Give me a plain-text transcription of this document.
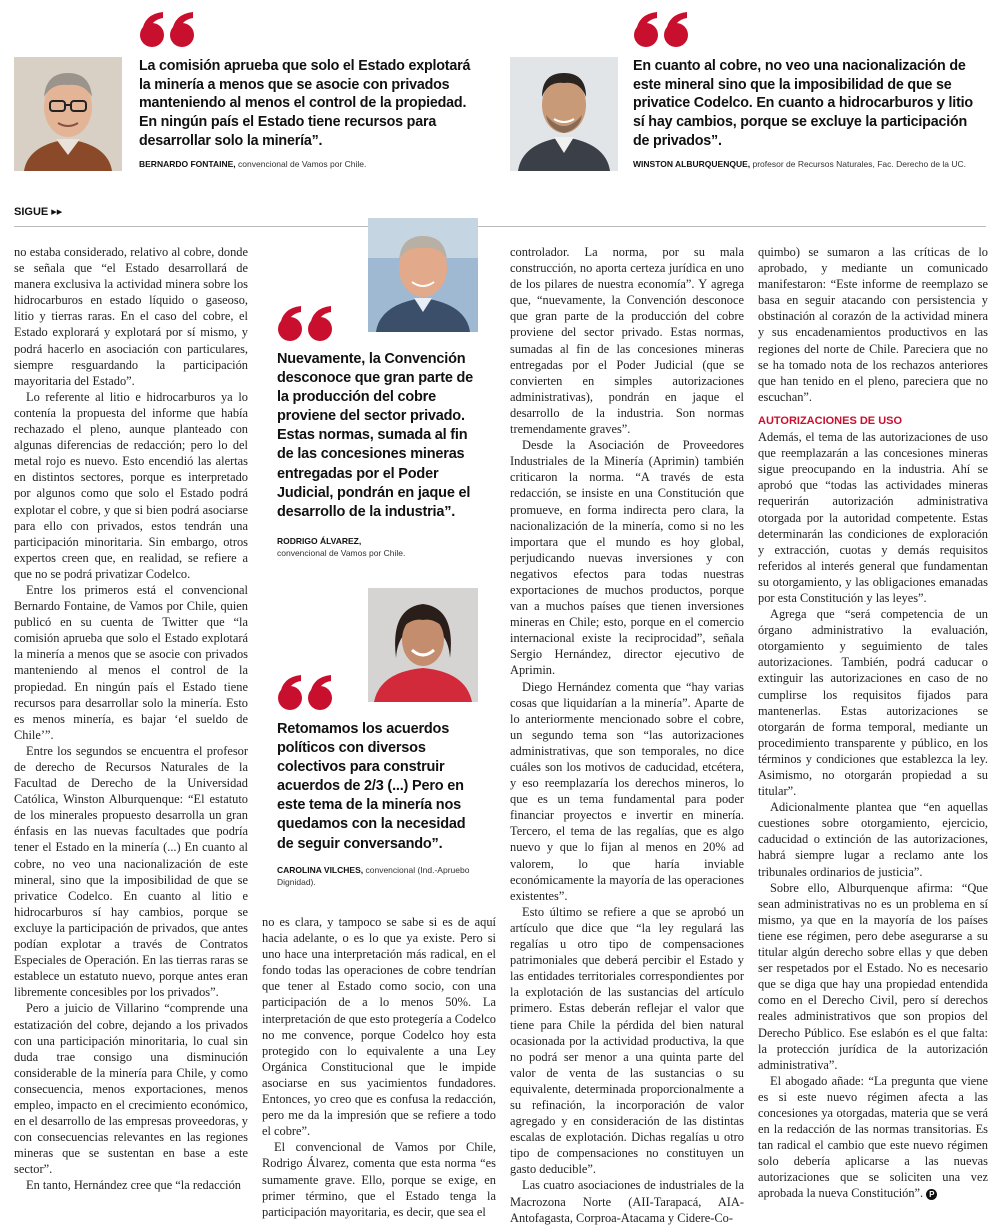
La comisión aprueba que solo el Estado explotará la minería a menos que se asocie con privados manteniendo al menos el control de la propiedad. En ningún país el Estado tiene recursos para desarrollar solo la minería”.
BERNARDO FONTAINE, convencional de Vamos por Chile.
En cuanto al cobre, no veo una nacionalización de este mineral sino que la imposibilidad de que se privatice Codelco. En cuanto a hidrocarburos y litio sí hay cambios, porque se excluye la participación de privados”.
WINSTON ALBURQUENQUE, profesor de Recursos Naturales, Fac. Derecho de la UC.
SIGUE ▸▸

no estaba considerado, relativo al cobre, donde se señala que “el Estado desarrollará de manera exclusiva la actividad minera sobre los hidrocarburos en estado líquido o gaseoso, litio y tierras raras. En el caso del cobre, el Estado explorará y explotará por sí mismo, y podrá hacerlo en asociación con particulares, siempre resguardando la participación mayoritaria del Estado”.

Lo referente al litio e hidrocarburos ya lo contenía la propuesta del informe que había rechazado el pleno, aunque planteado con algunas diferencias de redacción; pero lo del metal rojo es nuevo. Esto encendió las alertas en distintos sectores, porque es interpretado por algunos como que solo el Estado podrá explotar el cobre, y que si bien podrá asociarse para ello con privados, estos tendrán una participación minoritaria. Sin embargo, otros expertos creen que, en realidad, se refiere a que no se podrá privatizar Codelco.

Entre los primeros está el convencional Bernardo Fontaine, de Vamos por Chile, quien publicó en su cuenta de Twitter que “la comisión aprueba que solo el Estado explotará la minería a menos que se asocie con privados manteniendo al menos el control de la propiedad. En ningún país el Estado tiene recursos para desarrollar solo la minería. Esto es menos minería, es bajar ‘el sueldo de Chile’”.

Entre los segundos se encuentra el profesor de derecho de Recursos Naturales de la Facultad de Derecho de la Universidad Católica, Winston Alburquenque: “El estatuto de los minerales propuesto desarrolla un gran énfasis en las nuevas facultades que podría tener el Estado en la minería (...) En cuanto al cobre, no veo una nacionalización de este mineral, sino que la imposibilidad de que se privatice Codelco. En cuanto al litio e hidrocarburos sí hay cambios, porque se excluye la participación de privados, que antes podían explotar a través de Contratos Especiales de Operación. En las tierras raras se establece un estatuto nuevo, porque antes eran libremente concesibles por los privados”.

Pero a juicio de Villarino “comprende una estatización del cobre, dejando a los privados con una participación minoritaria, lo cual sin duda trae consigo una disminución considerable de la minería para Chile, y como consecuencia, menos exportaciones, menos empleo, impacto en el crecimiento económico, en el desarrollo de las empresas proveedoras, y con consecuencias relevantes en las regiones mineras que se sustentan en base a este sector”.

En tanto, Hernández cree que “la redacción

Nuevamente, la Convención desconoce que gran parte de la producción del cobre proviene del sector privado. Estas normas, sumada al fin de las concesiones mineras entregadas por el Poder Judicial, pondrán en jaque el desarrollo de la industria”.
RODRIGO ÁLVAREZ,
convencional de Vamos por Chile.
Retomamos los acuerdos políticos con diversos colectivos para construir acuerdos de 2/3 (...) Pero en este tema de la minería nos quedamos con la necesidad de seguir conversando”.
CAROLINA VILCHES, convencional (Ind.-Apruebo Dignidad).

no es clara, y tampoco se sabe si es de aquí hacia adelante, o es lo que ya existe. Pero si uno hace una interpretación más radical, en el fondo todas las operaciones de cobre tendrían que tener al Estado como socio, con una participación de a lo menos 50%. La interpretación de que esto protegería a Codelco no me convence, porque Codelco hoy esta protegido con lo equivalente a una Ley Orgánica Constitucional que le impide asociarse en sus yacimientos fundadores. Entonces, yo creo que es confusa la redacción, pero me da la impresión que se refiere a todo el cobre”.

El convencional de Vamos por Chile, Rodrigo Álvarez, comenta que esta norma “es sumamente grave. Ello, porque se exige, en primer término, que el Estado tenga la participación mayoritaria, es decir, que sea el

controlador. La norma, por su mala construcción, no aporta certeza jurídica en uno de los pilares de nuestra economía”. Y agrega que, “nuevamente, la Convención desconoce que gran parte de la producción del cobre proviene del sector privado. Estas normas, sumadas al fin de las concesiones mineras entregadas por el Poder Judicial (que se convierten en simples autorizaciones administrativas), pondrán en jaque el desarrollo de la industria. Son normas tremendamente graves”.

Desde la Asociación de Proveedores Industriales de la Minería (Aprimin) también criticaron la norma. “A través de esta redacción, se insiste en una Constitución que promueve, en forma indirecta pero clara, la nacionalización de la minería, como si no les importara que el mundo es hoy global, perjudicando nuevas inversiones y con negativos efectos para todas nuestras exportaciones de muchos productos, porque van a muchos países que tienen inversiones mineras en Chile; esto, porque en el comercio internacional existe la reciprocidad”, señala Sergio Hernández, director ejecutivo de Aprimin.

Diego Hernández comenta que “hay varias cosas que liquidarían a la minería”. Aparte de lo anteriormente mencionado sobre el cobre, un segundo tema son “las autorizaciones administrativas, que son temporales, no dice cuáles son los motivos de caducidad, etcétera, y eso reemplazaría los derechos mineros, lo que es un tema fundamental para poder financiar proyectos e invertir en minería. Tercero, el tema de las regalías, que es algo nuevo y que lo fijan al menos en 20% ad valorem, lo que haría inviable económicamente la mayoría de las operaciones existentes”.

Esto último se refiere a que se aprobó un artículo que dice que “la ley regulará las regalías u otro tipo de compensaciones patrimoniales que deberá percibir el Estado y las entidades territoriales correspondientes por la explotación de las sustancias del artículo primero. Estas deberán reflejar el valor que tiene para Chile la pérdida del bien natural ocasionada por la actividad productiva, la que no podrá ser menor a una quinta parte del valor de venta de las sustancias o su equivalente, determinada proporcionalmente a su refinación, la incorporación de valor agregado y en consideración de las distintas escalas de explotación. Dichas regalías u otro tipo de compensaciones no constituyen un gasto deducible”.

Las cuatro asociaciones de industriales de la Macrozona Norte (AII-Tarapacá, AIA-Antofagasta, Corproa-Atacama y Cidere-Co-

quimbo) se sumaron a las críticas de lo aprobado, y mediante un comunicado manifestaron: “Este informe de reemplazo se basa en seguir atacando con persistencia y obstinación al corazón de la actividad minera y sus encadenamientos productivos en las regiones del norte de Chile. Pareciera que no se ha tomado nota de los rechazos anteriores que han tenido en el pleno, pareciera que no escuchan”.

AUTORIZACIONES DE USO

Además, el tema de las autorizaciones de uso que reemplazarán a las concesiones mineras sigue preocupando en la industria. Ahí se aprobó que “todas las actividades mineras requerirán autorización administrativa otorgada por la autoridad competente. Estas determinarán las condiciones de exploración y extracción, cuotas y demás requisitos referidos al interés general que fundamentan su otorgamiento, y las obligaciones emanadas por esta Constitución y las leyes”.

Agrega que “será competencia de un órgano administrativo la evaluación, otorgamiento y seguimiento de tales autorizaciones. También, podrá caducar o extinguir las autorizaciones en caso de no cumplirse los requisitos fijados para mantenerlas. Estas autorizaciones se otorgarán de forma temporal, mediante un procedimiento transparente y público, en los términos y condiciones que establezca la ley. Asimismo, no otorgarán propiedad a su titular”.

Adicionalmente plantea que “en aquellas cuestiones sobre otorgamiento, ejercicio, caducidad o extinción de las autorizaciones, habrá siempre lugar a reclamo ante los tribunales ordinarios de justicia”.

Sobre ello, Alburquenque afirma: “Que sean administrativas no es un problema en sí mismo, ya que en la mayoría de los países tiene ese régimen, pero debe asegurarse a su titular algún derecho sobre ellas y que deben ser respetados por el Estado. No es necesario que se diga que hay una propiedad entendida como en el Derecho Civil, pero sí derechos reales administrativos que son propios del Derecho Público. Ese eslabón es el que falta: la protección jurídica de la autorización administrativa”.

El abogado añade: “La pregunta que viene es si este nuevo régimen afecta a las concesiones ya otorgadas, materia que se verá en la redacción de las normas transitorias. Es tan radical el cambio que este nuevo régimen solo debería aplicarse a las nuevas autorizaciones que se soliciten una vez aprobada la nueva Constitución”. P
